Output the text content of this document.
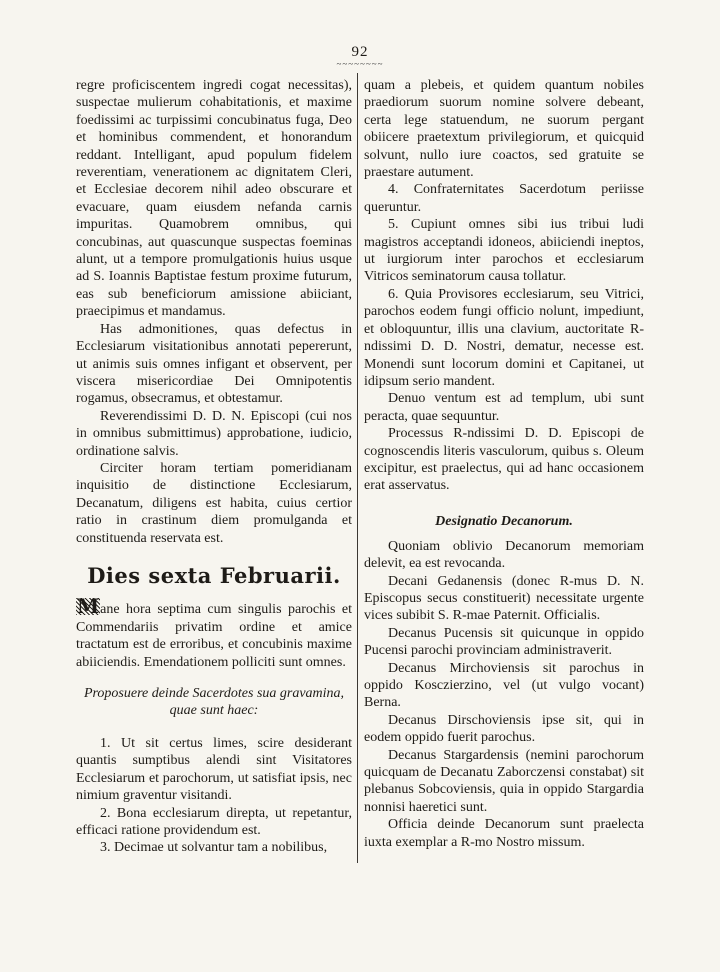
92
~~~~~~~~

regre proficiscentem ingredi cogat necessitas), suspectae mulierum cohabitationis, et maxime foedissimi ac turpissimi concubinatus fuga, Deo et hominibus commendent, et honorandum reddant. Intelligant, apud populum fidelem reverentiam, venerationem ac dignitatem Cleri, et Ecclesiae decorem nihil adeo obscurare et evacuare, quam eiusdem nefanda carnis impuritas. Quamobrem omnibus, qui concubinas, aut quascunque suspectas foeminas alunt, ut a tempore promulgationis huius usque ad S. Ioannis Baptistae festum proxime futurum, eas sub beneficiorum amissione abiiciant, praecipimus et mandamus.

Has admonitiones, quas defectus in Ecclesiarum visitationibus annotati pepererunt, ut animis suis omnes infigant et observent, per viscera misericordiae Dei Omnipotentis rogamus, obsecramus, et obtestamur.

Reverendissimi D. D. N. Episcopi (cui nos in omnibus submittimus) approbatione, iudicio, ordinatione salvis.

Circiter horam tertiam pomeridianam inquisitio de distinctione Ecclesiarum, Decanatum, diligens est habita, cuius certior ratio in crastinum diem promulganda et constituenda reservata est.

Dies sexta Februarii.

Mane hora septima cum singulis parochis et Commendariis privatim ordine et amice tractatum est de erroribus, et concubinis maxime abiiciendis. Emendationem polliciti sunt omnes.

Proposuere deinde Sacerdotes sua gravamina, quae sunt haec:

1. Ut sit certus limes, scire desiderant quantis sumptibus alendi sint Visitatores Ecclesiarum et parochorum, ut satisfiat ipsis, nec nimium graventur visitandi.

2. Bona ecclesiarum direpta, ut repetantur, efficaci ratione providendum est.

3. Decimae ut solvantur tam a nobilibus,

quam a plebeis, et quidem quantum nobiles praediorum suorum nomine solvere debeant, certa lege statuendum, ne suorum pergant obiicere praetextum privilegiorum, et quicquid solvunt, nullo iure coactos, sed gratuite se praestare autument.

4. Confraternitates Sacerdotum periisse queruntur.

5. Cupiunt omnes sibi ius tribui ludi magistros acceptandi idoneos, abiiciendi ineptos, ut iurgiorum inter parochos et ecclesiarum Vitricos seminatorum causa tollatur.

6. Quia Provisores ecclesiarum, seu Vitrici, parochos eodem fungi officio nolunt, impediunt, et obloquuntur, illis una clavium, auctoritate R-ndissimi D. D. Nostri, dematur, necesse est. Monendi sunt locorum domini et Capitanei, ut idipsum serio mandent.

Denuo ventum est ad templum, ubi sunt peracta, quae sequuntur.

Processus R-ndissimi D. D. Episcopi de cognoscendis literis vasculorum, quibus s. Oleum excipitur, est praelectus, qui ad hanc occasionem erat asservatus.

Designatio Decanorum.

Quoniam oblivio Decanorum memoriam delevit, ea est revocanda.

Decani Gedanensis (donec R-mus D. N. Episcopus secus constituerit) necessitate urgente vices subibit S. R-mae Paternit. Officialis.

Decanus Pucensis sit quicunque in oppido Pucensi parochi provinciam administraverit.

Decanus Mirchoviensis sit parochus in oppido Kosczierzino, vel (ut vulgo vocant) Berna.

Decanus Dirschoviensis ipse sit, qui in eodem oppido fuerit parochus.

Decanus Stargardensis (nemini parochorum quicquam de Decanatu Zaborczensi constabat) sit plebanus Sobcoviensis, quia in oppido Stargardia nonnisi haeretici sunt.

Officia deinde Decanorum sunt praelecta iuxta exemplar a R-mo Nostro missum.
